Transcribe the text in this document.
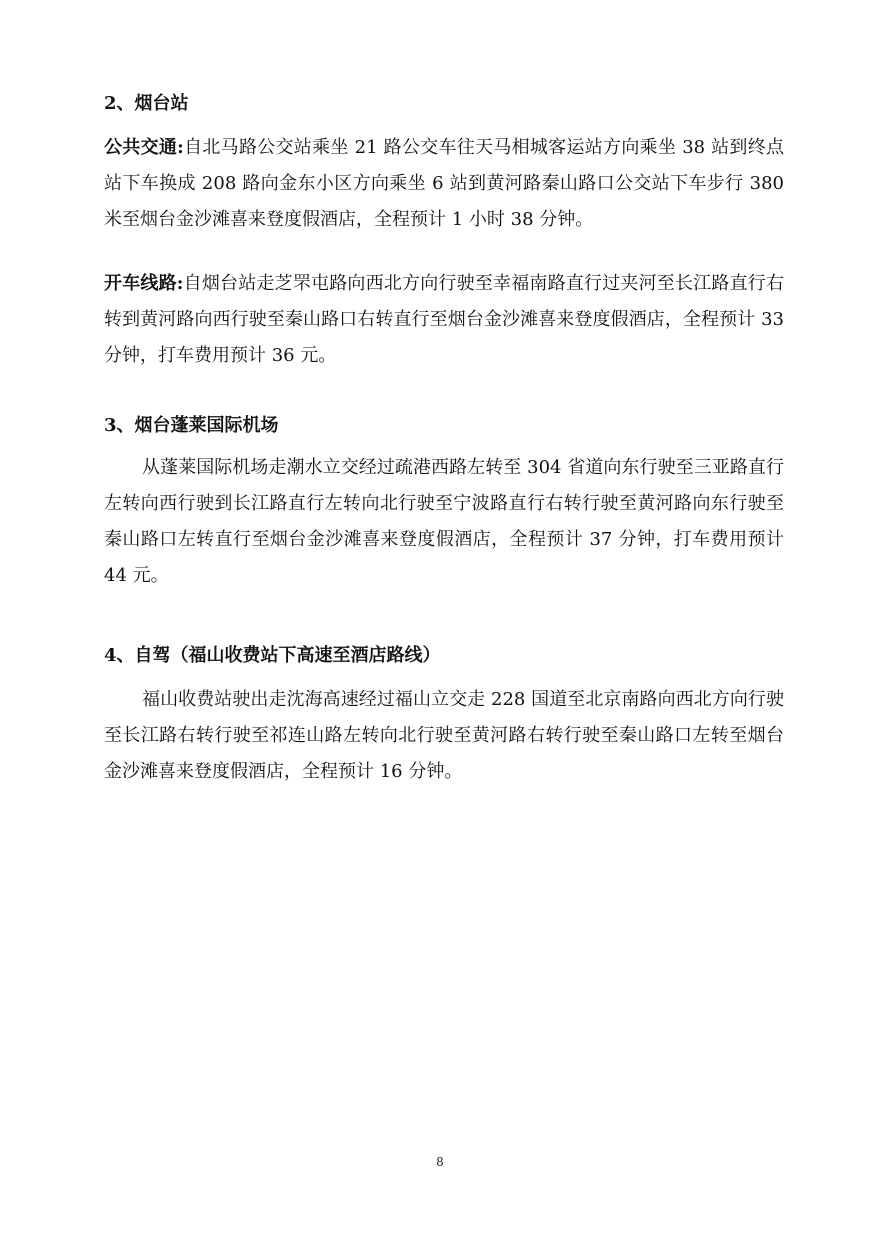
2、烟台站
公共交通:自北马路公交站乘坐 21 路公交车往天马相城客运站方向乘坐 38 站到终点站下车换成 208 路向金东小区方向乘坐 6 站到黄河路秦山路口公交站下车步行 380 米至烟台金沙滩喜来登度假酒店，全程预计 1 小时 38 分钟。
开车线路:自烟台站走芝罘屯路向西北方向行驶至幸福南路直行过夹河至长江路直行右转到黄河路向西行驶至秦山路口右转直行至烟台金沙滩喜来登度假酒店，全程预计 33 分钟，打车费用预计 36 元。
3、烟台蓬莱国际机场
从蓬莱国际机场走潮水立交经过疏港西路左转至 304 省道向东行驶至三亚路直行左转向西行驶到长江路直行左转向北行驶至宁波路直行右转行驶至黄河路向东行驶至秦山路口左转直行至烟台金沙滩喜来登度假酒店，全程预计 37 分钟，打车费用预计 44 元。
4、自驾（福山收费站下高速至酒店路线）
福山收费站驶出走沈海高速经过福山立交走 228 国道至北京南路向西北方向行驶至长江路右转行驶至祁连山路左转向北行驶至黄河路右转行驶至秦山路口左转至烟台金沙滩喜来登度假酒店，全程预计 16 分钟。
8
